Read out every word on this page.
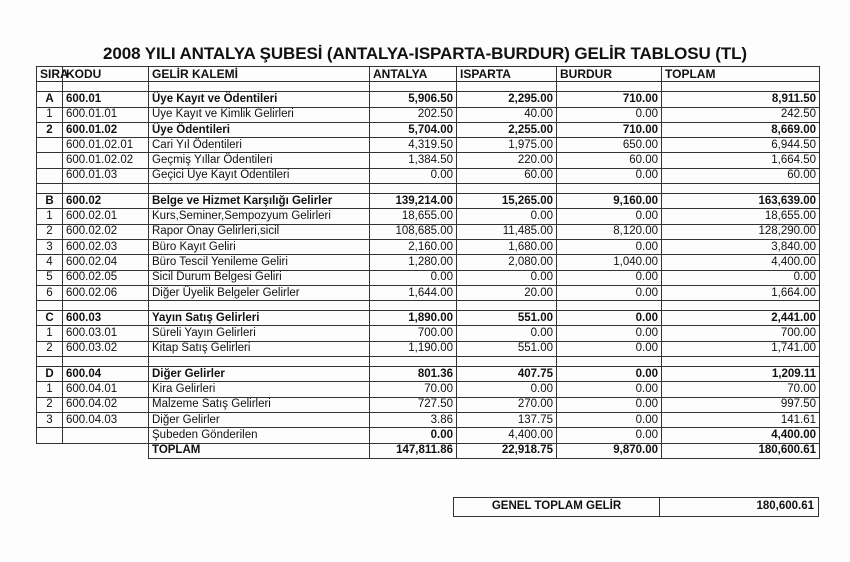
2008 YILI ANTALYA ŞUBESİ (ANTALYA-ISPARTA-BURDUR) GELİR TABLOSU (TL)
SIRA	KODU	GELİR KALEMİ	ANTALYA	ISPARTA	BURDUR	TOPLAM

A	600.01	Üye Kayıt ve Ödentileri	5,906.50	2,295.00	710.00	8,911.50
1	600.01.01	Üye Kayıt ve Kimlik Gelirleri	202.50	40.00	0.00	242.50
2	600.01.02	Üye Ödentileri	5,704.00	2,255.00	710.00	8,669.00
	600.01.02.01	Cari Yıl Ödentileri	4,319.50	1,975.00	650.00	6,944.50
	600.01.02.02	Geçmiş Yıllar Ödentileri	1,384.50	220.00	60.00	1,664.50
	600.01.03	Geçici Üye Kayıt Ödentileri	0.00	60.00	0.00	60.00

B	600.02	Belge ve Hizmet Karşılığı Gelirler	139,214.00	15,265.00	9,160.00	163,639.00
1	600.02.01	Kurs,Seminer,Sempozyum Gelirleri	18,655.00	0.00	0.00	18,655.00
2	600.02.02	Rapor Onay Gelirleri,sicil	108,685.00	11,485.00	8,120.00	128,290.00
3	600.02.03	Büro Kayıt Geliri	2,160.00	1,680.00	0.00	3,840.00
4	600.02.04	Büro Tescil Yenileme Geliri	1,280.00	2,080.00	1,040.00	4,400.00
5	600.02.05	Sicil Durum Belgesi Geliri	0.00	0.00	0.00	0.00
6	600.02.06	Diğer Üyelik Belgeler Gelirler	1,644.00	20.00	0.00	1,664.00

C	600.03	Yayın Satış Gelirleri	1,890.00	551.00	0.00	2,441.00
1	600.03.01	Süreli Yayın Gelirleri	700.00	0.00	0.00	700.00
2	600.03.02	Kitap Satış Gelirleri	1,190.00	551.00	0.00	1,741.00

D	600.04	Diğer Gelirler	801.36	407.75	0.00	1,209.11
1	600.04.01	Kira Gelirleri	70.00	0.00	0.00	70.00
2	600.04.02	Malzeme Satış Gelirleri	727.50	270.00	0.00	997.50
3	600.04.03	Diğer Gelirler	3.86	137.75	0.00	141.61
		Şubeden Gönderilen	0.00	4,400.00	0.00	4,400.00
		TOPLAM	147,811.86	22,918.75	9,870.00	180,600.61
GENEL TOPLAM GELİR	180,600.61
